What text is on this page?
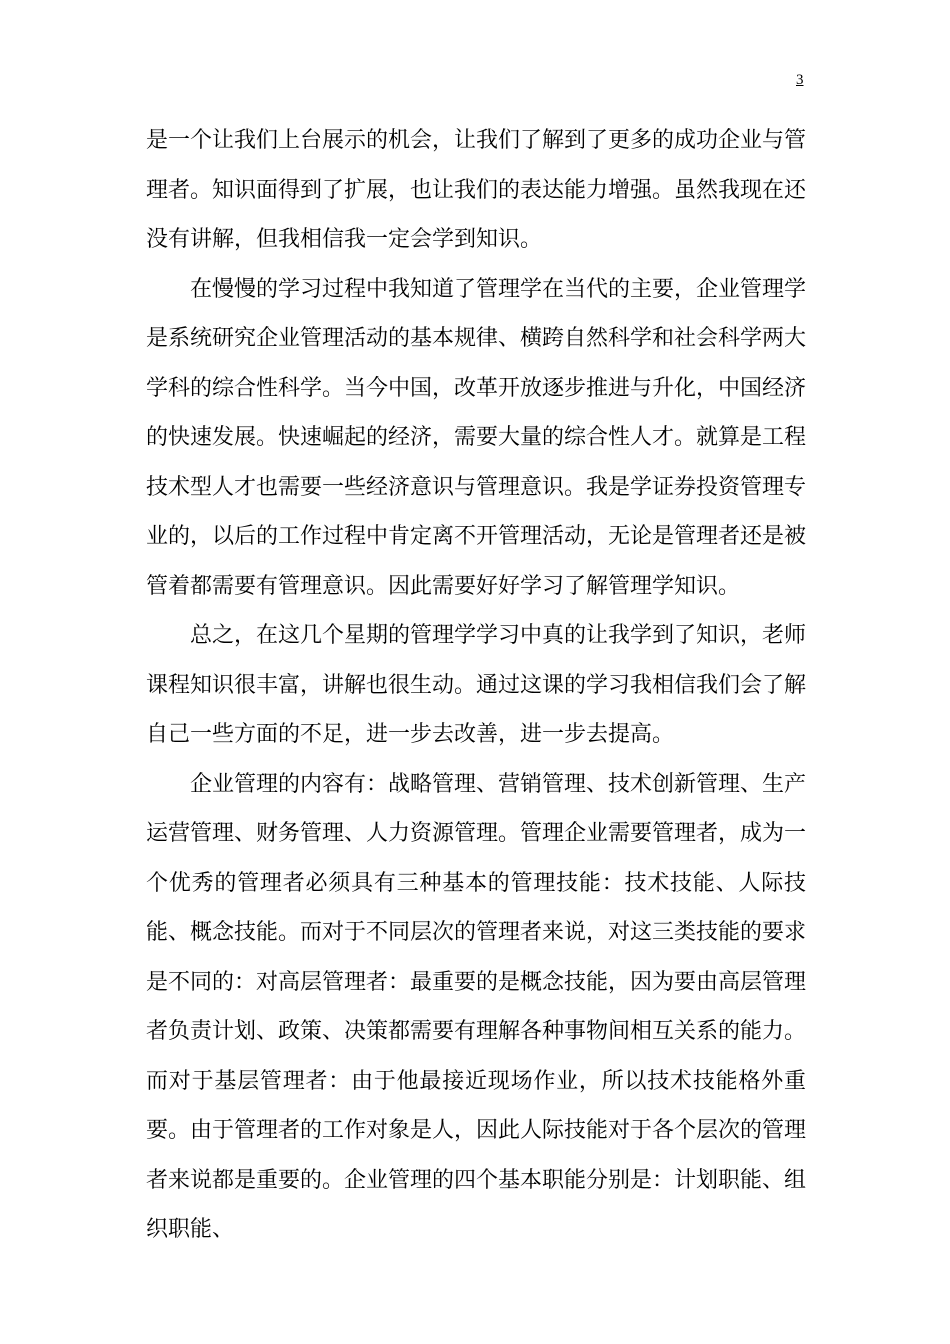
3

是一个让我们上台展示的机会，让我们了解到了更多的成功企业与管理者。知识面得到了扩展，也让我们的表达能力增强。虽然我现在还没有讲解，但我相信我一定会学到知识。

在慢慢的学习过程中我知道了管理学在当代的主要，企业管理学是系统研究企业管理活动的基本规律、横跨自然科学和社会科学两大学科的综合性科学。当今中国，改革开放逐步推进与升化，中国经济的快速发展。快速崛起的经济，需要大量的综合性人才。就算是工程技术型人才也需要一些经济意识与管理意识。我是学证券投资管理专业的，以后的工作过程中肯定离不开管理活动，无论是管理者还是被管着都需要有管理意识。因此需要好好学习了解管理学知识。

总之，在这几个星期的管理学学习中真的让我学到了知识，老师课程知识很丰富，讲解也很生动。通过这课的学习我相信我们会了解自己一些方面的不足，进一步去改善，进一步去提高。

企业管理的内容有：战略管理、营销管理、技术创新管理、生产运营管理、财务管理、人力资源管理。管理企业需要管理者，成为一个优秀的管理者必须具有三种基本的管理技能：技术技能、人际技能、概念技能。而对于不同层次的管理者来说，对这三类技能的要求是不同的：对高层管理者：最重要的是概念技能，因为要由高层管理者负责计划、政策、决策都需要有理解各种事物间相互关系的能力。而对于基层管理者：由于他最接近现场作业，所以技术技能格外重要。由于管理者的工作对象是人，因此人际技能对于各个层次的管理者来说都是重要的。企业管理的四个基本职能分别是：计划职能、组织职能、
